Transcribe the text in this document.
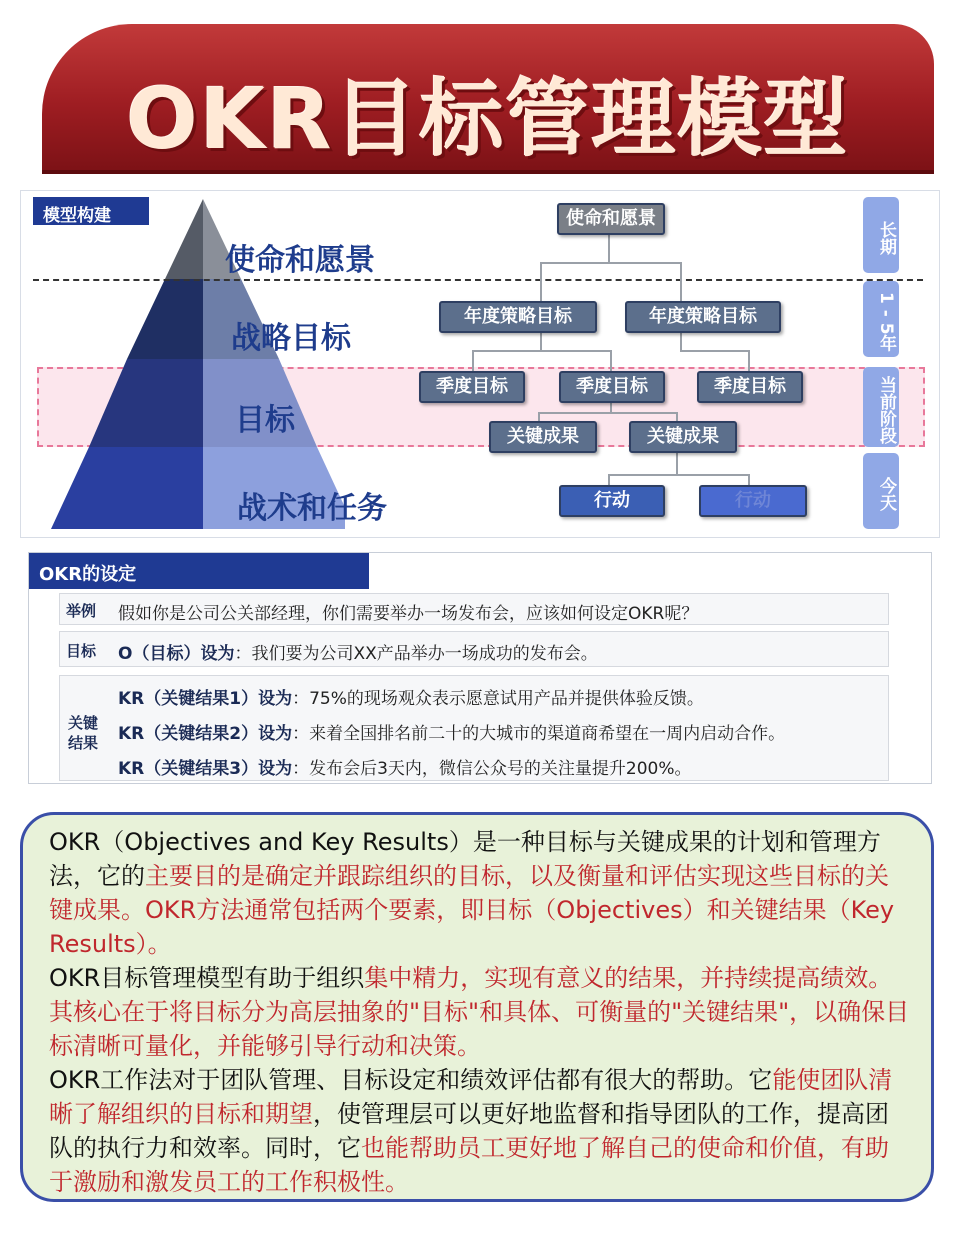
OKR目标管理模型
模型构建
使命和愿景
战略目标
目标
战术和任务
使命和愿景
年度策略目标	年度策略目标
季度目标	季度目标	季度目标
关键成果	关键成果
行动	行动
长期
1 - 5年
当前阶段
今天
OKR的设定
举例 假如你是公司公关部经理，你们需要举办一场发布会，应该如何设定OKR呢？
目标 O（目标）设为：我们要为公司XX产品举办一场成功的发布会。
关键
结果
KR（关键结果1）设为：75%的现场观众表示愿意试用产品并提供体验反馈。
KR（关键结果2）设为：来着全国排名前二十的大城市的渠道商希望在一周内启动合作。
KR（关键结果3）设为：发布会后3天内，微信公众号的关注量提升200%。
OKR（Objectives and Key Results）是一种目标与关键成果的计划和管理方法，它的主要目的是确定并跟踪组织的目标，以及衡量和评估实现这些目标的关键成果。OKR方法通常包括两个要素，即目标（Objectives）和关键结果（Key Results）。
OKR目标管理模型有助于组织集中精力，实现有意义的结果，并持续提高绩效。其核心在于将目标分为高层抽象的"目标"和具体、可衡量的"关键结果"，以确保目标清晰可量化，并能够引导行动和决策。
OKR工作法对于团队管理、目标设定和绩效评估都有很大的帮助。它能使团队清晰了解组织的目标和期望，使管理层可以更好地监督和指导团队的工作，提高团队的执行力和效率。同时，它也能帮助员工更好地了解自己的使命和价值，有助于激励和激发员工的工作积极性。
